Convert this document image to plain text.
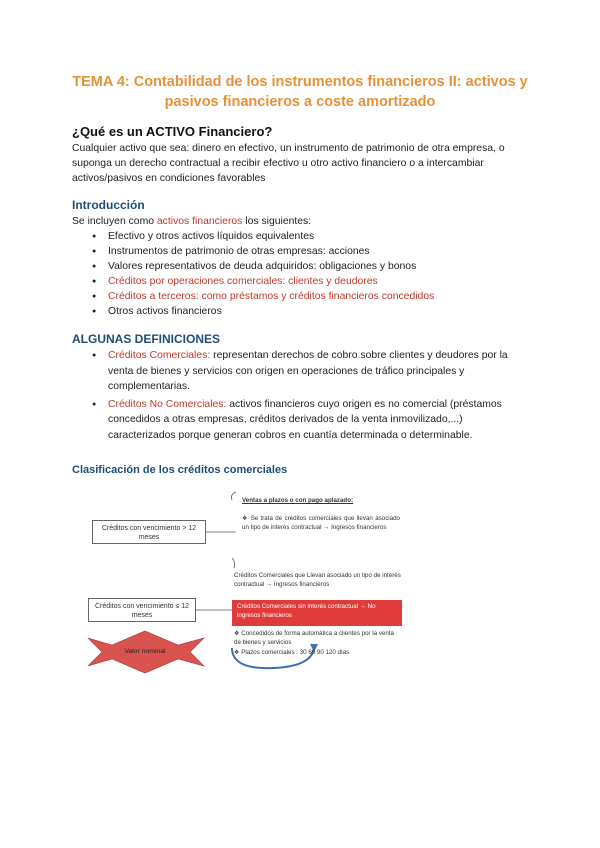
TEMA 4: Contabilidad de los instrumentos financieros II: activos y pasivos financieros a coste amortizado
¿Qué es un ACTIVO Financiero?

Cualquier activo que sea: dinero en efectivo, un instrumento de patrimonio de otra empresa, o suponga un derecho contractual a recibir efectivo u otro activo financiero o a intercambiar activos/pasivos en condiciones favorables

Introducción

Se incluyen como activos financieros los siguientes:

● Efectivo y otros activos líquidos equivalentes
● Instrumentos de patrimonio de otras empresas: acciones
● Valores representativos de deuda adquiridos: obligaciones y bonos
● Créditos por operaciones comerciales: clientes y deudores
● Créditos a terceros: como préstamos y créditos financieros concedidos
● Otros activos financieros
ALGUNAS DEFINICIONES
● Créditos Comerciales: representan derechos de cobro sobre clientes y deudores por la venta de bienes y servicios con origen en operaciones de tráfico principales y complementarias.
● Créditos No Comerciales: activos financieros cuyo origen es no comercial (préstamos concedidos a otras empresas, créditos derivados de la venta inmovilizado,...) caracterizados porque generan cobros en cuantía determinada o determinable.
Clasificación de los créditos comerciales
Créditos con vencimiento > 12 meses
Créditos con vencimiento ≤ 12 meses
Ventas a plazos o con pago aplazado:
❖ Se trata de créditos comerciales que llevan asociado un tipo de interés contractual → Ingresos financieros
Créditos Comerciales que Llevan asociado un tipo de interés contractual → Ingresos financieros
Créditos Comerciales sin interés contractual → No ingresos financieros
❖ Concedidos de forma automática a clientes por la venta de bienes y servicios
❖ Plazos comerciales : 30 60 90 120 días
Valor nominal
